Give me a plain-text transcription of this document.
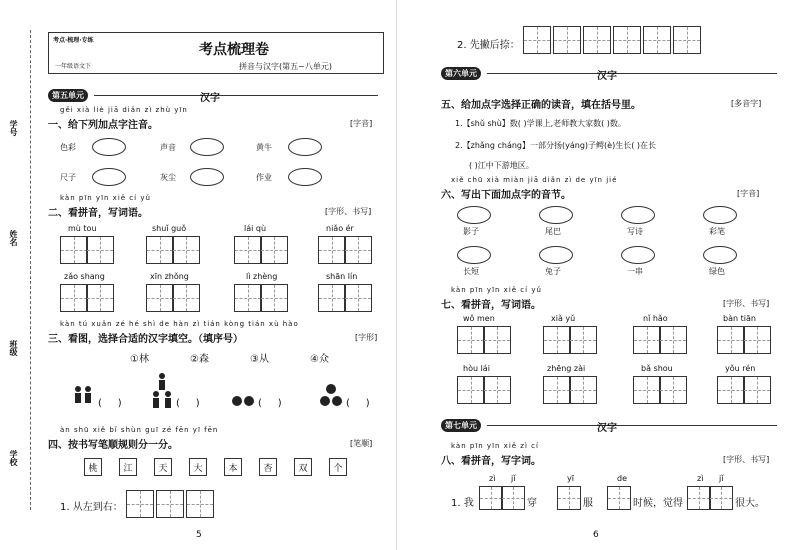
学号
姓名
班级
学校
考点·梳理·专练
考点梳理卷
一年级语文下	拼音与汉字(第五~八单元)
第五单元	汉字
gěi xià liè jiā diǎn zì zhù yīn
一、给下列加点字注音。	[字音]
色彩	声音	黄牛
尺子	灰尘	作业
kàn pīn yīn xiě cí yǔ
二、看拼音，写词语。	[字形、书写]
mù tou	shuǐ guǒ	lái qù	niǎo ér
zǎo shang	xīn zhǒng	lì zhèng	shān lín
kàn tú xuǎn zé hé shì de hàn zì tián kòng tián xù hào
三、看图，选择合适的汉字填空。（填序号）	[字形]
①林	②森	③从	④众
(     )	(     )	(     )	(     )
àn shū xiě bǐ shùn guī zé fēn yī fēn
四、按书写笔顺规则分一分。	[笔顺]
桃	江	天	大	本	杏	双	个
1. 从左到右：
5
2. 先撇后捺：
第六单元	汉字
五、给加点字选择正确的读音，填在括号里。	[多音字]
1.【shǔ shù】数( )学课上,老师教大家数( )数。
2.【zhǎng cháng】一部分扬(yáng)子鳄(è)生长( )在长
( )江中下游地区。
xiě chū xià miàn jiā diǎn zì de yīn jié
六、写出下面加点字的音节。	[字音]
影子	尾巴	写诗	彩笔
长短	兔子	一串	绿色
kàn pīn yīn xiě cí yǔ
七、看拼音，写词语。	[字形、书写]
wǒ men	xià yǔ	nǐ hǎo	bàn tiān
hòu lái	zhēng zài	bǎ shou	yǒu rén
第七单元	汉字
kàn pīn yīn xiě zì cí
八、看拼音，写字词。	[字形、书写]
zì jǐ	yī	de	zì jǐ
1. 我	穿	服	时候，觉得	很大。
6
